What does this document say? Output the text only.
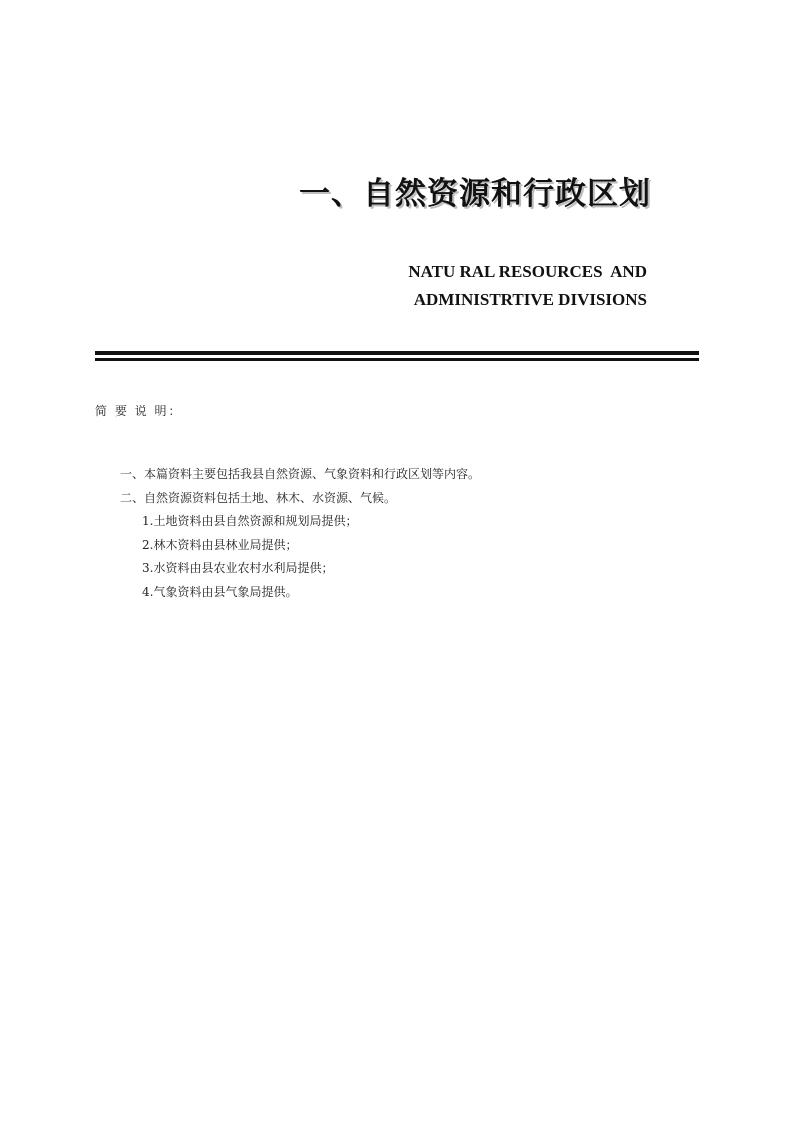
一、自然资源和行政区划
NATU RAL RESOURCES  AND
ADMINISTRTIVE DIVISIONS
简 要 说 明：
一、本篇资料主要包括我县自然资源、气象资料和行政区划等内容。
二、自然资源资料包括土地、林木、水资源、气候。
1.土地资料由县自然资源和规划局提供；
2.林木资料由县林业局提供；
3.水资料由县农业农村水利局提供；
4.气象资料由县气象局提供。
